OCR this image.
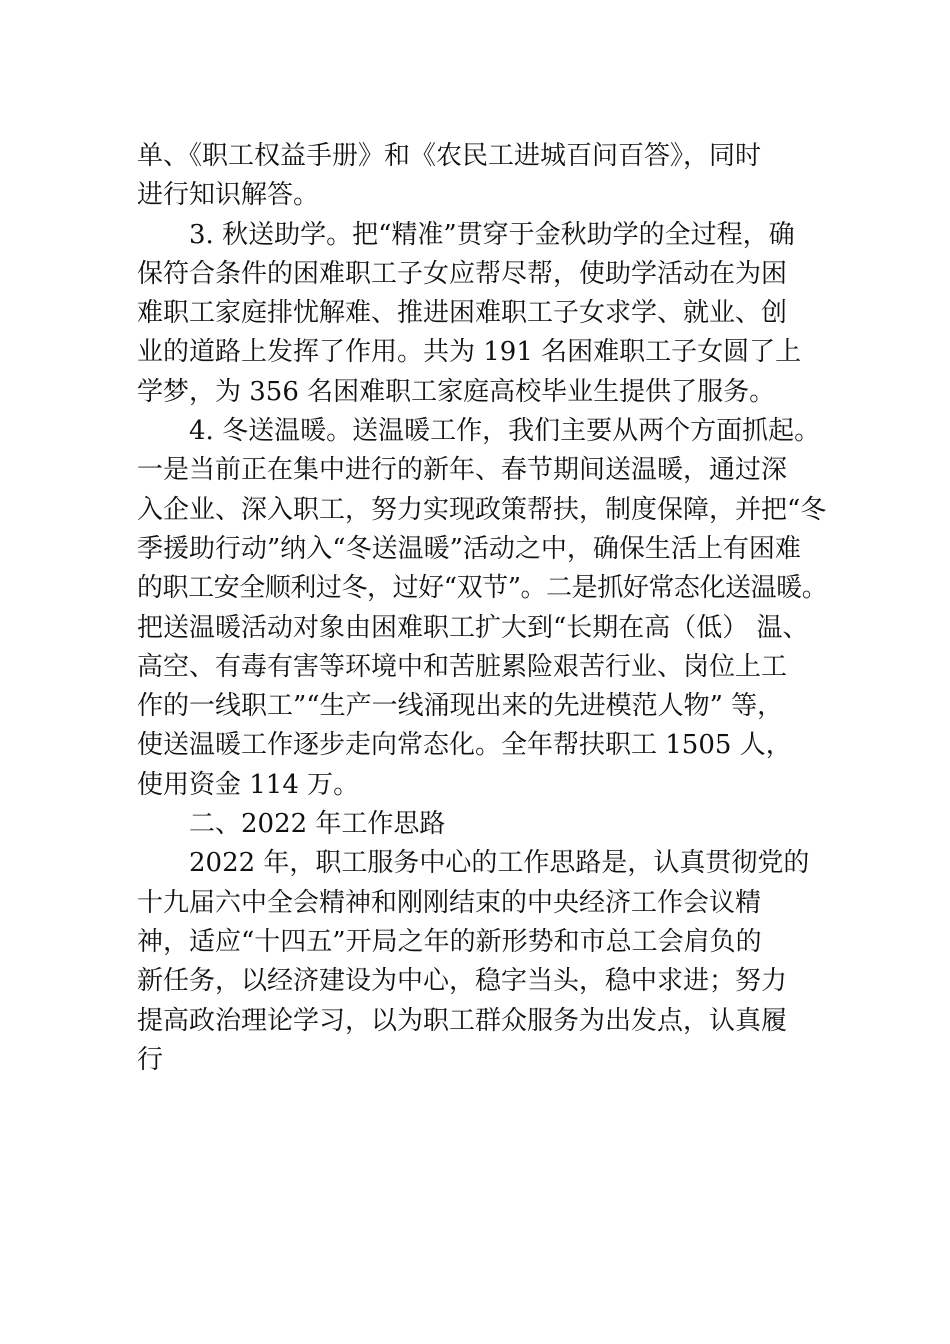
单、《职工权益手册》和《农民工进城百问百答》，同时
进行知识解答。
3. 秋送助学。把“精准”贯穿于金秋助学的全过程，确
保符合条件的困难职工子女应帮尽帮，使助学活动在为困
难职工家庭排忧解难、推进困难职工子女求学、就业、创
业的道路上发挥了作用。共为 191 名困难职工子女圆了上
学梦，为 356 名困难职工家庭高校毕业生提供了服务。
4. 冬送温暖。送温暖工作，我们主要从两个方面抓起。
一是当前正在集中进行的新年、春节期间送温暖，通过深
入企业、深入职工，努力实现政策帮扶，制度保障，并把“冬
季援助行动”纳入“冬送温暖”活动之中，确保生活上有困难
的职工安全顺利过冬，过好“双节”。二是抓好常态化送温暖。
把送温暖活动对象由困难职工扩大到“长期在高（低） 温、
高空、有毒有害等环境中和苦脏累险艰苦行业、岗位上工
作的一线职工”“生产一线涌现出来的先进模范人物” 等，
使送温暖工作逐步走向常态化。全年帮扶职工 1505 人，
使用资金 114 万。
二、2022 年工作思路
2022 年，职工服务中心的工作思路是，认真贯彻党的
十九届六中全会精神和刚刚结束的中央经济工作会议精
神，适应“十四五”开局之年的新形势和市总工会肩负的
新任务，以经济建设为中心，稳字当头，稳中求进；努力
提高政治理论学习，以为职工群众服务为出发点，认真履
行
